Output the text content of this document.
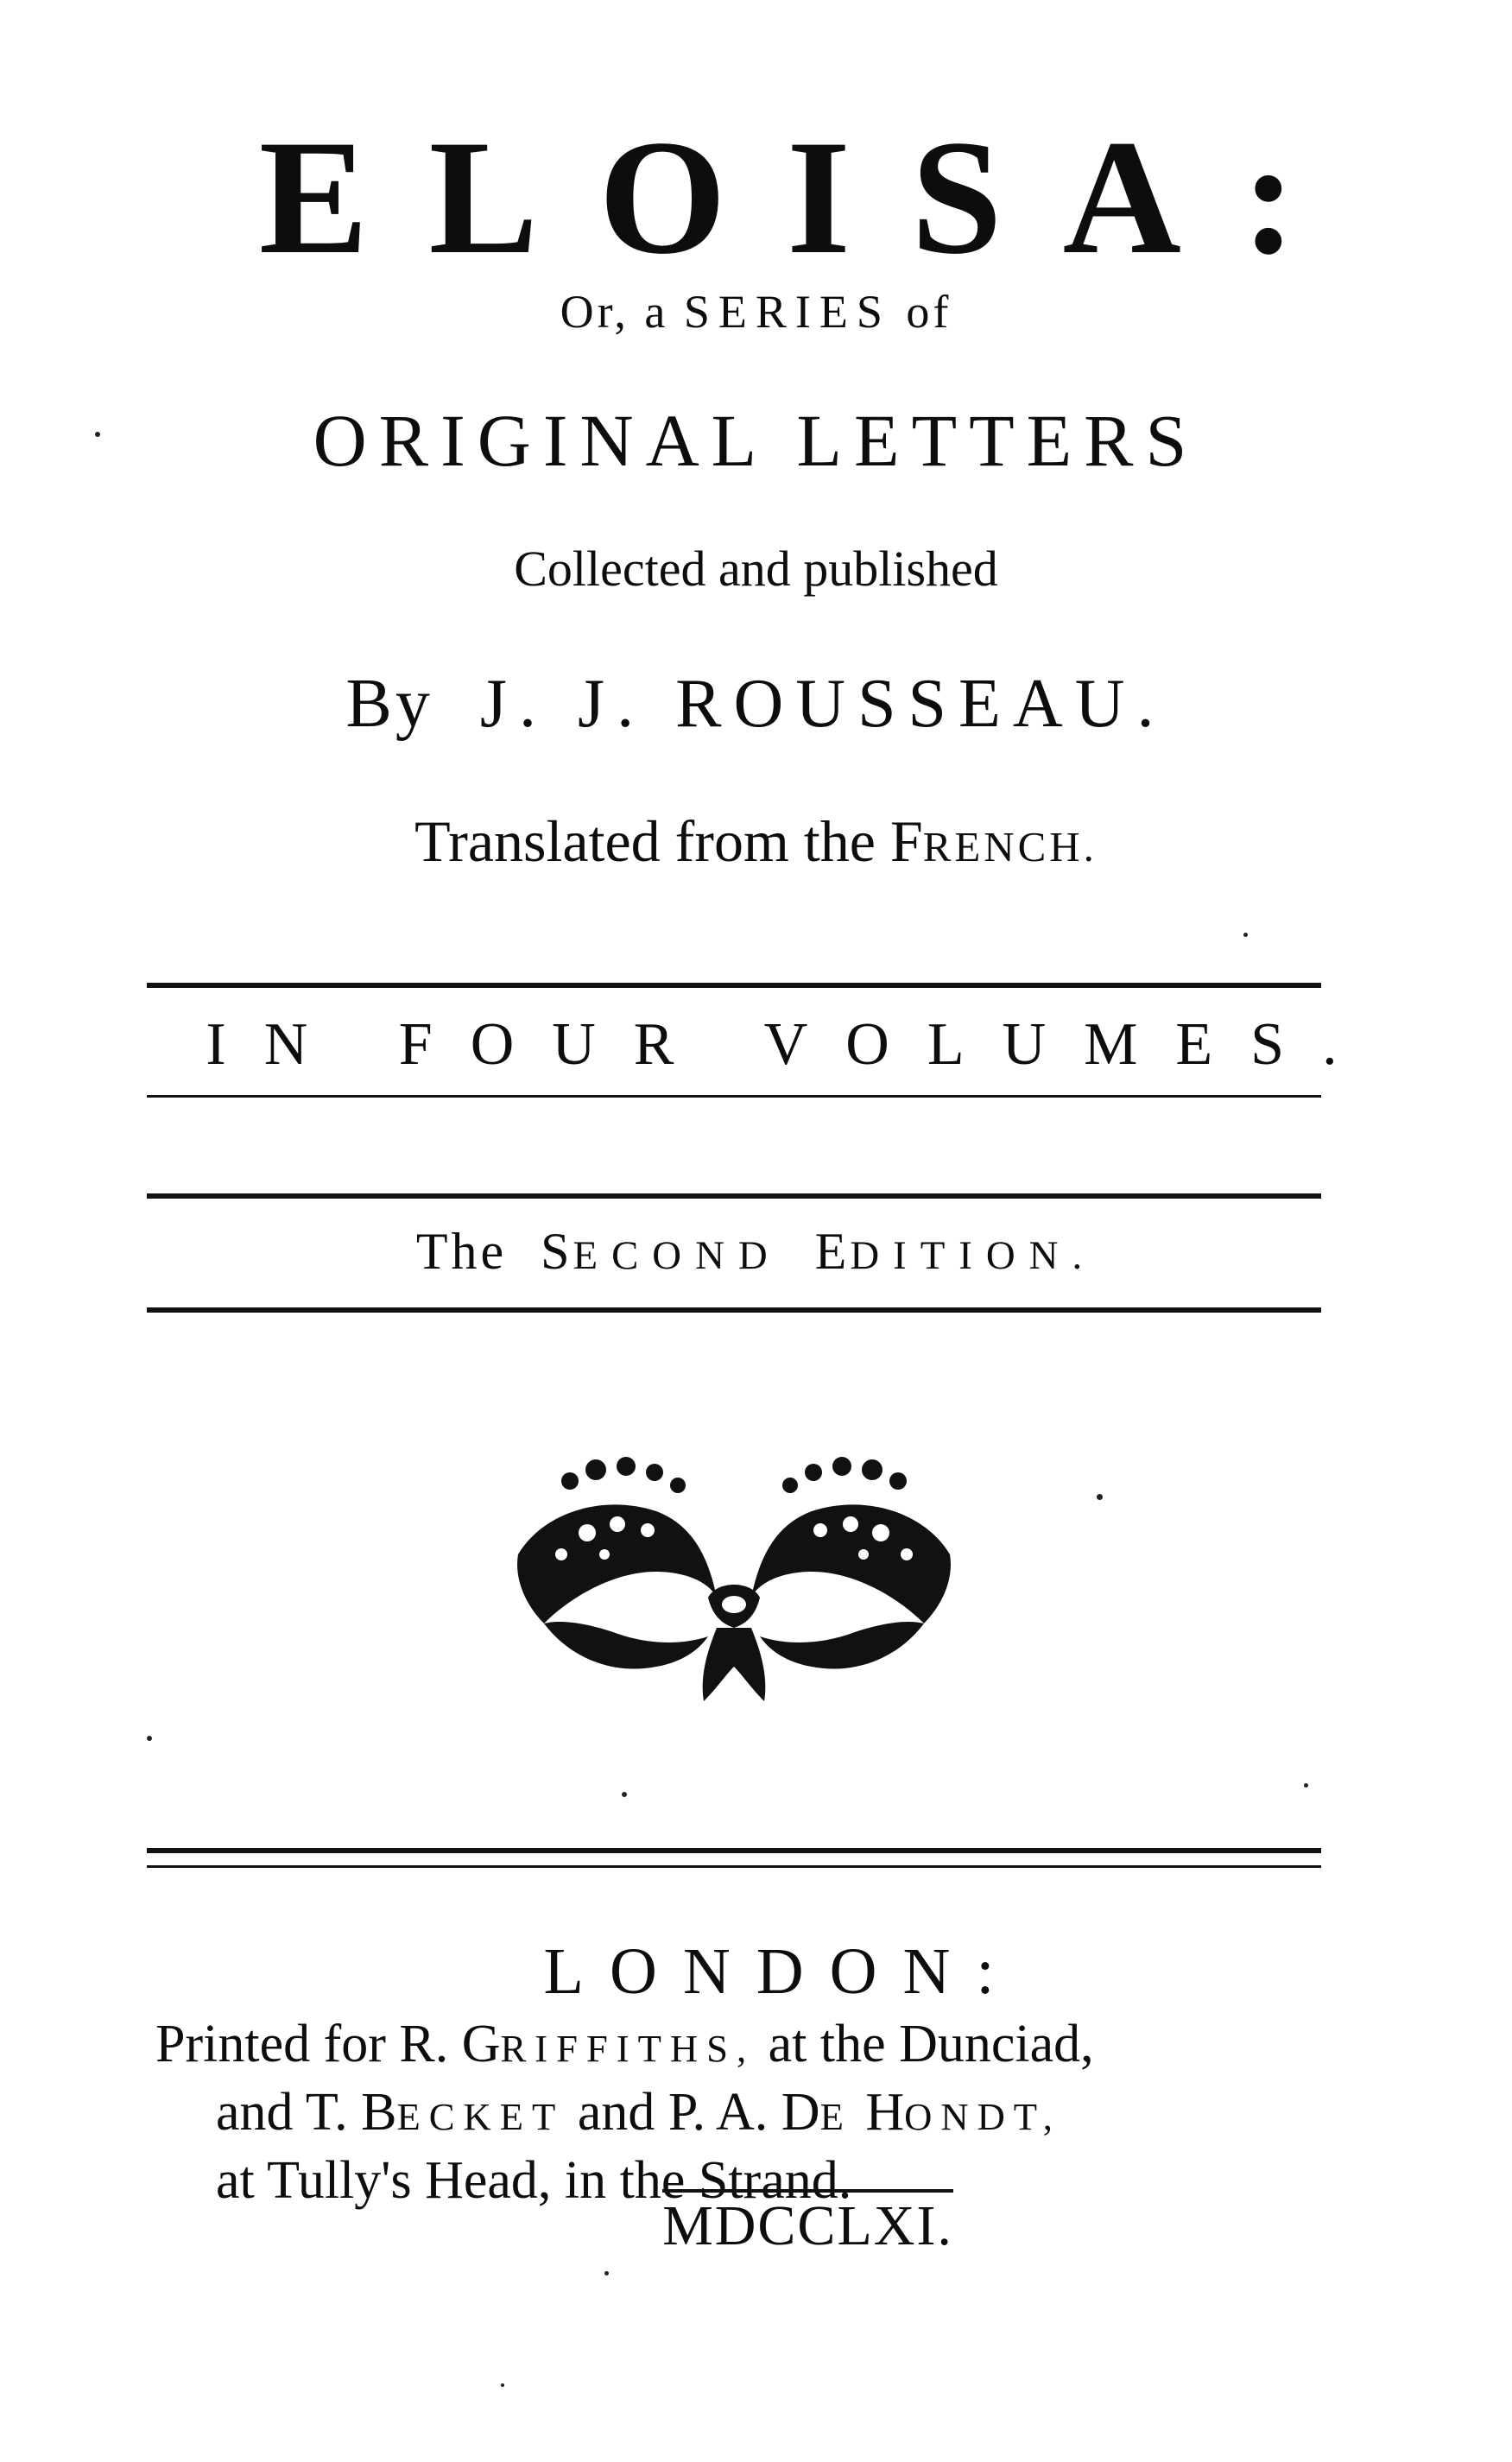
ELOISA:
Or, a SERIES of
ORIGINAL LETTERS
Collected and published
By J. J. ROUSSEAU.
Translated from the FRENCH.
IN FOUR VOLUMES.
The SECOND EDITION.
LONDON:
Printed for R. GRIFFITHS, at the Dunciad,
and T. BECKET and P. A. DE HONDT,
at Tully's Head, in the Strand.
MDCCLXI.
